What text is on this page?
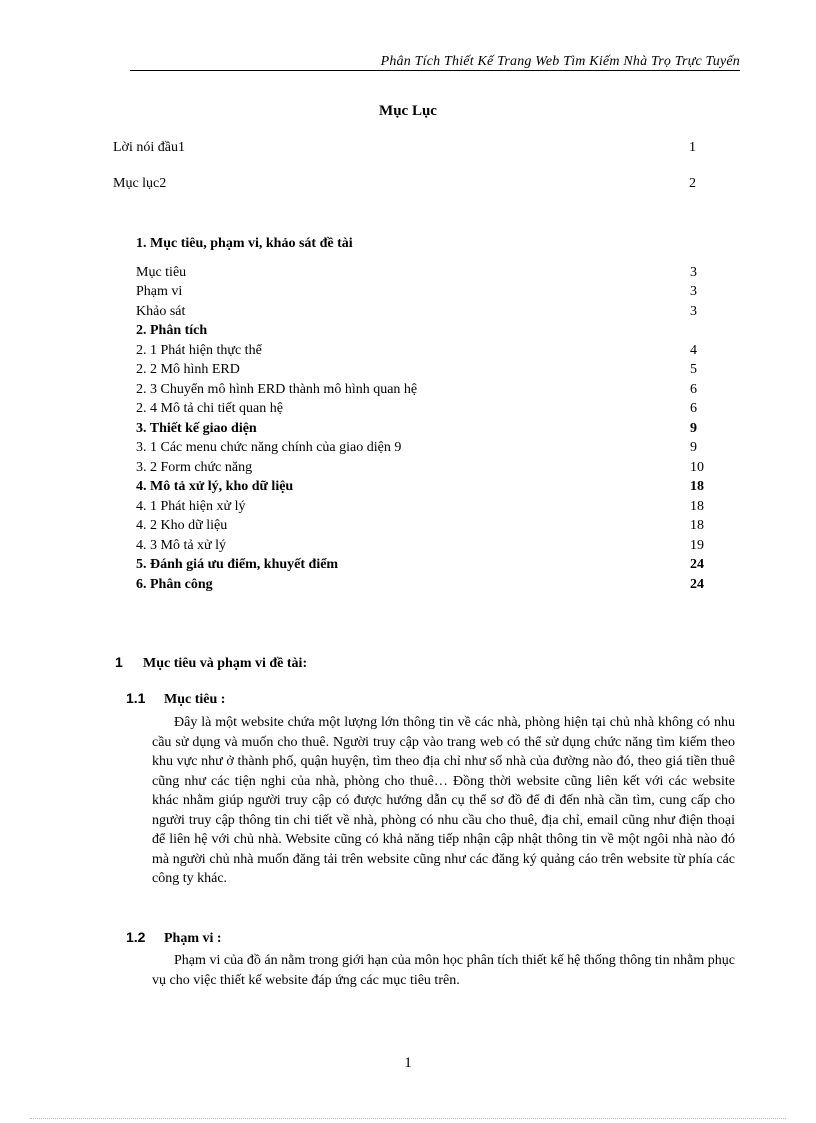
Phân Tích Thiết Kế Trang Web Tìm Kiếm Nhà Trọ Trực Tuyến
Mục Lục
Lời nói đầu1	1
Mục lục2	2
1. Mục tiêu, phạm vi, khảo sát đề tài
Mục tiêu	3
Phạm vi	3
Khảo sát	3
2. Phân tích
2. 1 Phát hiện thực thể	4
2. 2 Mô hình ERD	5
2. 3 Chuyển mô hình ERD thành mô hình quan hệ	6
2. 4 Mô tả chi tiết quan hệ	6
3. Thiết kế giao diện	9
3. 1 Các menu chức năng chính của giao diện 9	9
3. 2 Form chức năng	10
4. Mô tả xử lý, kho dữ liệu	18
4. 1 Phát hiện xử lý	18
4. 2 Kho dữ liệu	18
4. 3 Mô tả xử lý	19
5. Đánh giá ưu điểm, khuyết điểm	24
6. Phân công	24
1 Mục tiêu và phạm vi đề tài:
1.1 Mục tiêu :
Đây là một website chứa một lượng lớn thông tin về các nhà, phòng hiện tại chủ nhà không có nhu cầu sử dụng và muốn cho thuê. Người truy cập vào trang web có thể sử dụng chức năng tìm kiếm theo khu vực như ở thành phố, quận huyện, tìm theo địa chỉ như số nhà của đường nào đó, theo giá tiền thuê cũng như các tiện nghi của nhà, phòng cho thuê… Đồng thời website cũng liên kết với các website khác nhằm giúp người truy cập có được hướng dẫn cụ thể sơ đồ để đi đến nhà cần tìm, cung cấp cho người truy cập thông tin chi tiết về nhà, phòng có nhu cầu cho thuê, địa chỉ, email cũng như điện thoại để liên hệ với chủ nhà. Website cũng có khả năng tiếp nhận cập nhật thông tin về một ngôi nhà nào đó mà người chủ nhà muốn đăng tải trên website cũng như các đăng ký quảng cáo trên website từ phía các công ty khác.
1.2 Phạm vi :
Phạm vi của đồ án nằm trong giới hạn của môn học phân tích thiết kế hệ thống thông tin nhằm phục vụ cho việc thiết kế website đáp ứng các mục tiêu trên.
1
